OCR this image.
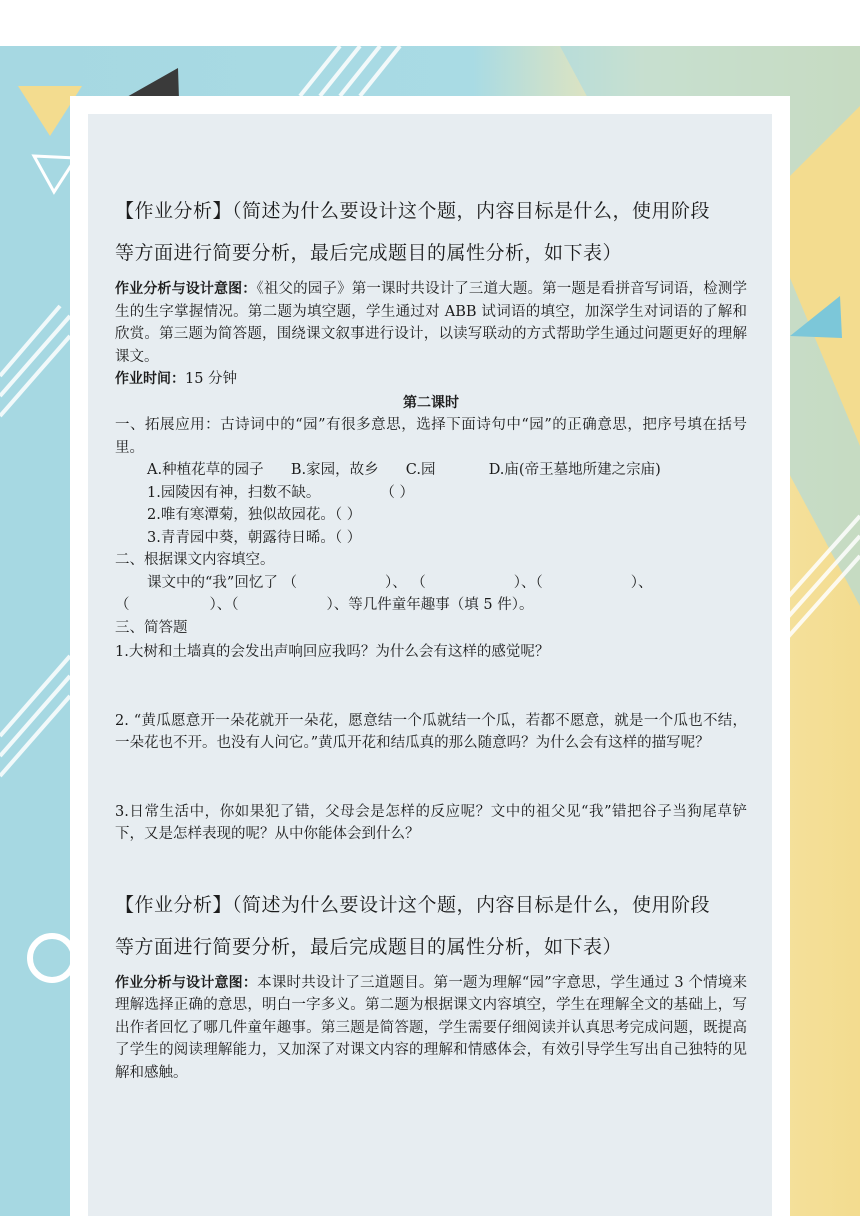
【作业分析】（简述为什么要设计这个题，内容目标是什么，使用阶段
等方面进行简要分析，最后完成题目的属性分析，如下表）

作业分析与设计意图：《祖父的园子》第一课时共设计了三道大题。第一题是看拼音写词语，检测学生的生字掌握情况。第二题为填空题，学生通过对 ABB 试词语的填空，加深学生对词语的了解和欣赏。第三题为简答题，围绕课文叙事进行设计，以读写联动的方式帮助学生通过问题更好的理解课文。

作业时间：15 分钟

第二课时

一、拓展应用：古诗词中的“园”有很多意思，选择下面诗句中“园”的正确意思，把序号填在括号里。

A.种植花草的园子 B.家园，故乡 C.园	D.庙(帝王墓地所建之宗庙)

1.园陵因有神，扫数不缺。	（ ）

2.唯有寒潭菊，独似故园花。（ ）

3.青青园中葵，朝露待日晞。（ ）

二、根据课文内容填空。

课文中的“我”回忆了 （	）、 （	）、（	）、

（	）、（	）、等几件童年趣事（填 5 件）。

三、简答题

1.大树和土墙真的会发出声响回应我吗？为什么会有这样的感觉呢？

2. “黄瓜愿意开一朵花就开一朵花，愿意结一个瓜就结一个瓜，若都不愿意，就是一个瓜也不结，一朵花也不开。也没有人问它。”黄瓜开花和结瓜真的那么随意吗？为什么会有这样的描写呢？

3.日常生活中，你如果犯了错，父母会是怎样的反应呢？文中的祖父见“我”错把谷子当狗尾草铲下，又是怎样表现的呢？从中你能体会到什么？

【作业分析】（简述为什么要设计这个题，内容目标是什么，使用阶段
等方面进行简要分析，最后完成题目的属性分析，如下表）

作业分析与设计意图：本课时共设计了三道题目。第一题为理解“园”字意思，学生通过 3 个情境来理解选择正确的意思，明白一字多义。第二题为根据课文内容填空，学生在理解全文的基础上，写出作者回忆了哪几件童年趣事。第三题是简答题，学生需要仔细阅读并认真思考完成问题，既提高了学生的阅读理解能力，又加深了对课文内容的理解和情感体会，有效引导学生写出自己独特的见解和感触。
